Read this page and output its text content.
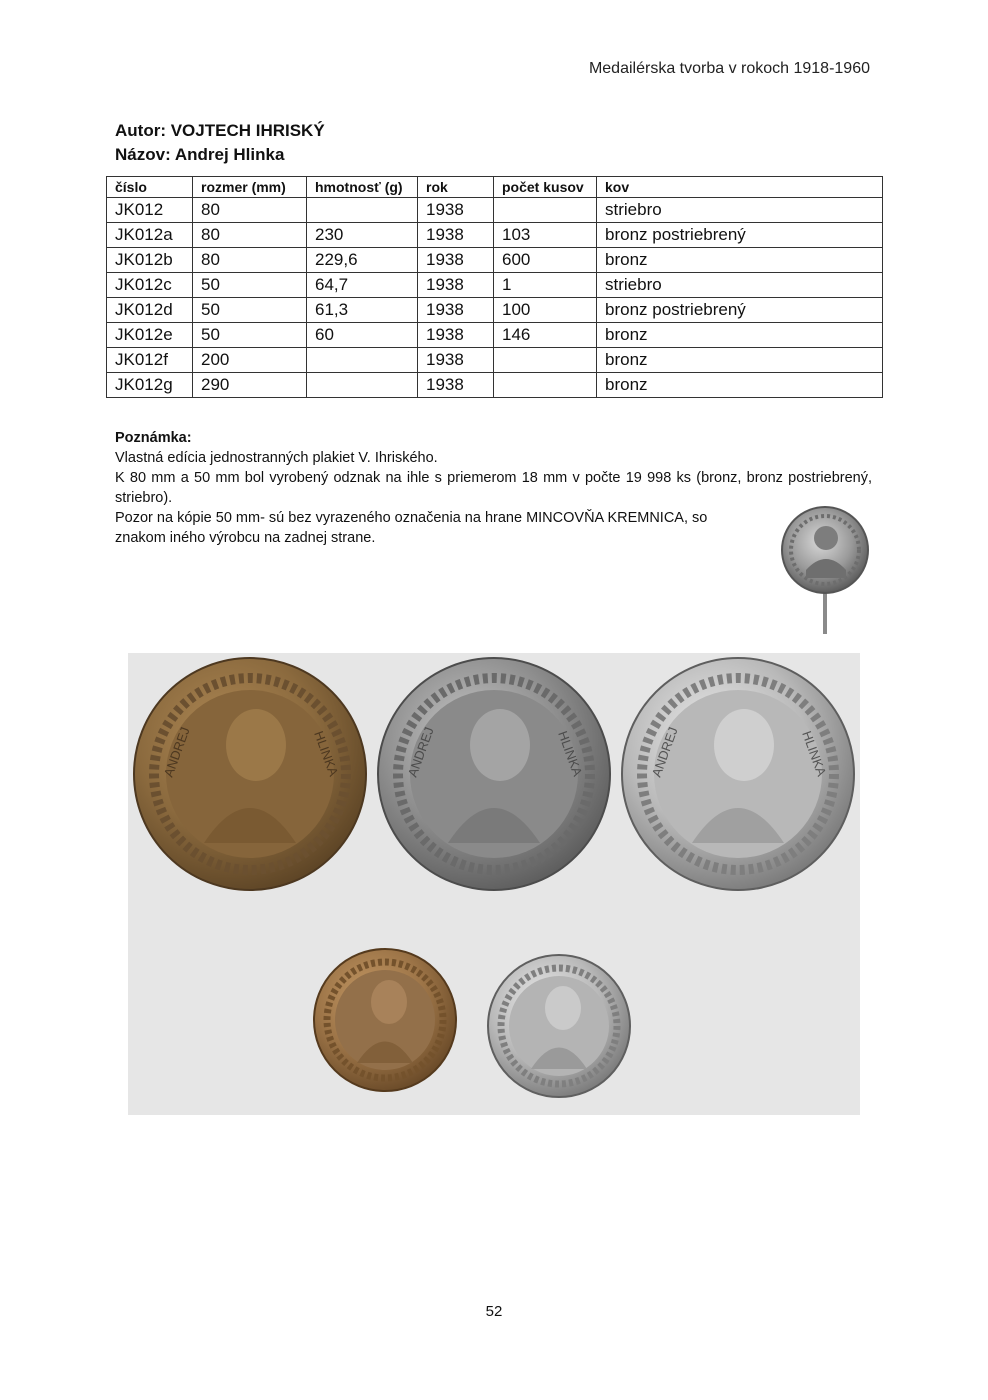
Medailérska tvorba v rokoch 1918-1960

Autor: VOJTECH IHRISKÝ

Názov: Andrej Hlinka

číslo	rozmer (mm)	hmotnosť (g)	rok	počet kusov	kov
JK012	80		1938		striebro
JK012a	80	230	1938	103	bronz postriebrený
JK012b	80	229,6	1938	600	bronz
JK012c	50	64,7	1938	1	striebro
JK012d	50	61,3	1938	100	bronz postriebrený
JK012e	50	60	1938	146	bronz
JK012f	200		1938		bronz
JK012g	290		1938		bronz

Poznámka:

Vlastná edícia jednostranných plakiet V. Ihriského.

K 80 mm a 50 mm bol vyrobený odznak na ihle s priemerom 18 mm v počte 19 998 ks (bronz, bronz postriebrený, striebro).

Pozor na kópie 50 mm- sú bez vyrazeného označenia na hrane MINCOVŇA KREMNICA, so znakom iného výrobcu na zadnej strane.

ANDREJ	HLINKA	ANDREJ	HLINKA	ANDREJ	HLINKA
52
